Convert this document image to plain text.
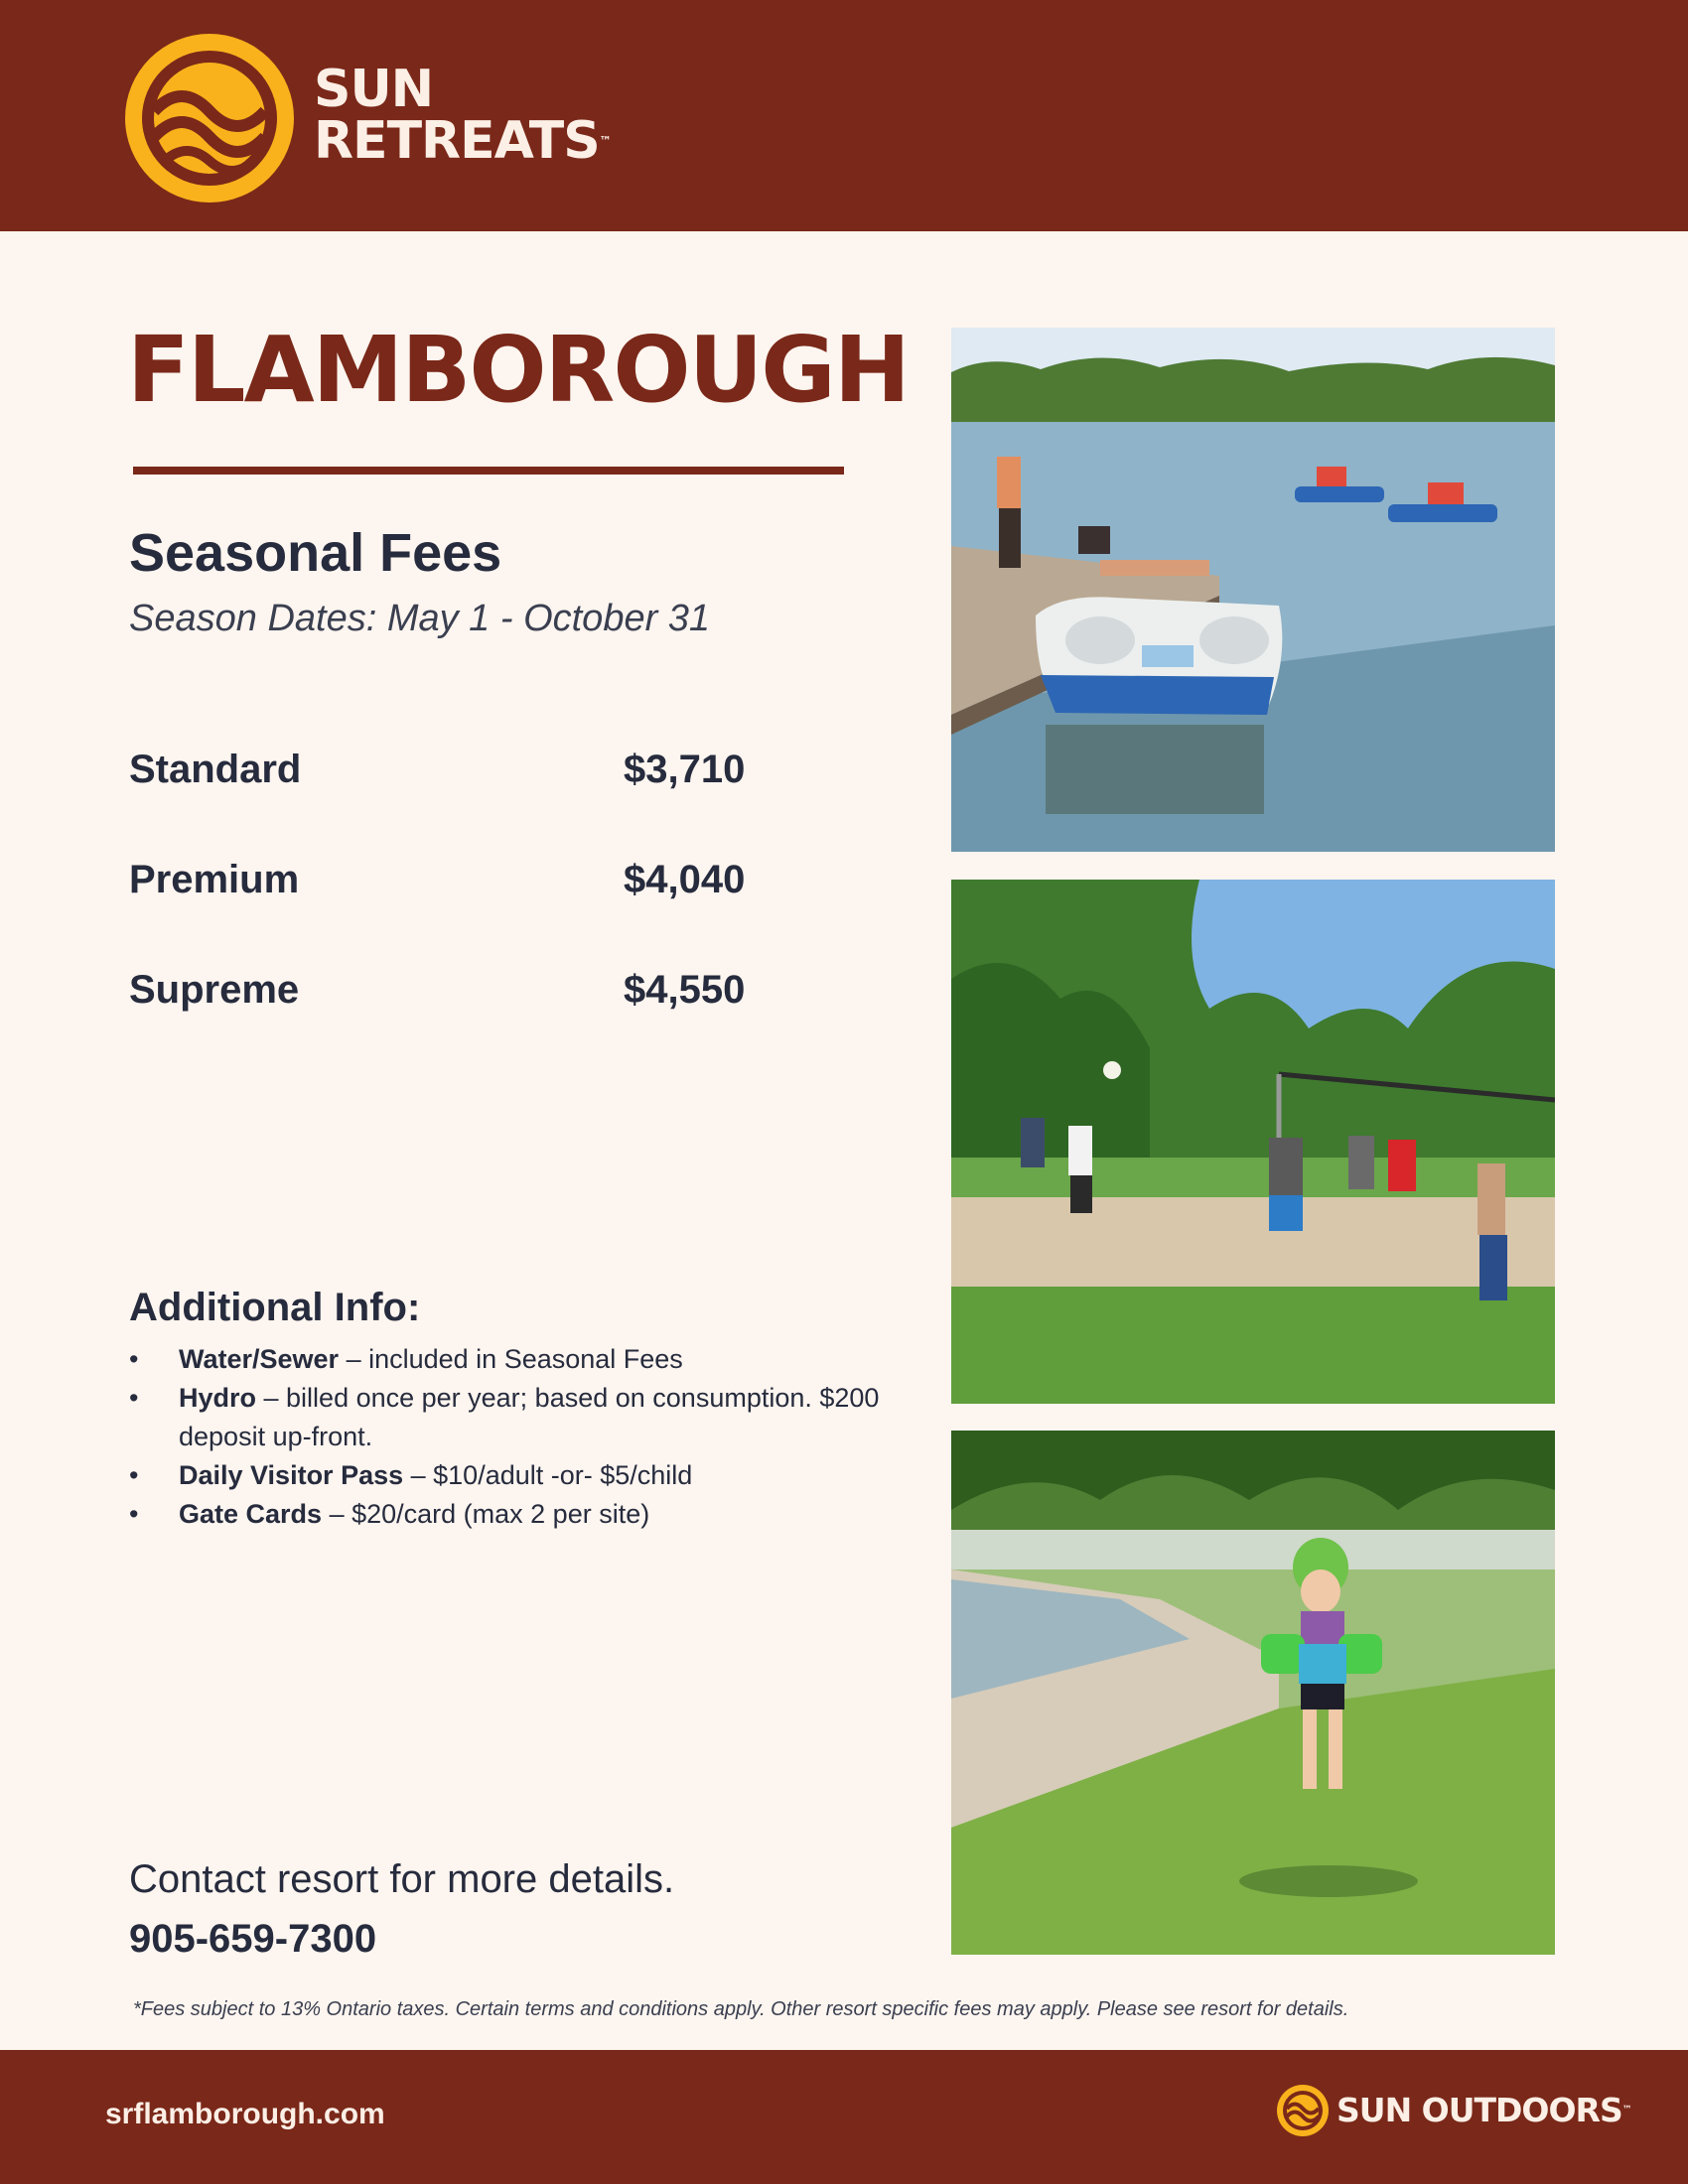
SUN
RETREATS™
FLAMBOROUGH
Seasonal Fees
Season Dates: May 1 - October 31
Standard	$3,710
Premium	$4,040
Supreme	$4,550
Additional Info:
• Water/Sewer – included in Seasonal Fees
• Hydro – billed once per year; based on consumption. $200 deposit up-front.
• Daily Visitor Pass – $10/adult -or- $5/child
• Gate Cards – $20/card (max 2 per site)
Contact resort for more details.
905-659-7300
*Fees subject to 13% Ontario taxes. Certain terms and conditions apply. Other resort specific fees may apply. Please see resort for details.
srflamborough.com	SUN OUTDOORS™
